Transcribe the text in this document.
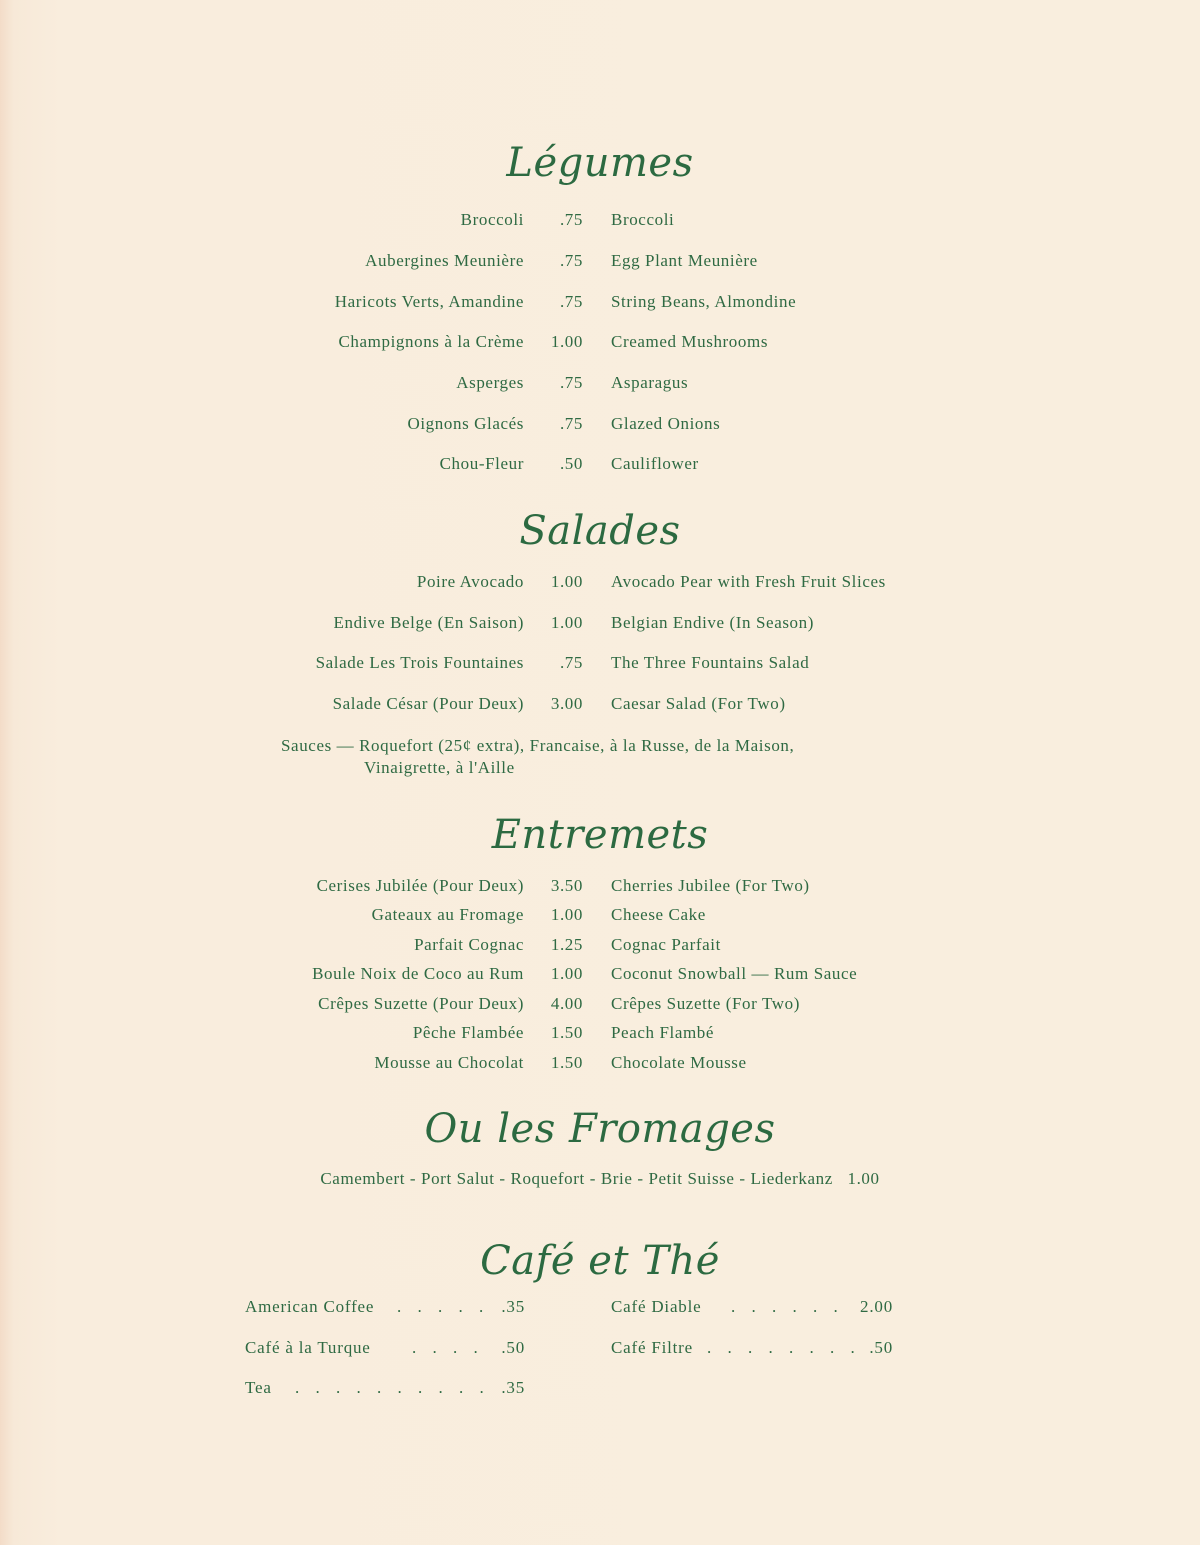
Légumes
Broccoli .75 Broccoli
Aubergines Meunière .75 Egg Plant Meunière
Haricots Verts, Amandine .75 String Beans, Almondine
Champignons à la Crème 1.00 Creamed Mushrooms
Asperges .75 Asparagus
Oignons Glacés .75 Glazed Onions
Chou-Fleur .50 Cauliflower
Salades
Poire Avocado 1.00 Avocado Pear with Fresh Fruit Slices
Endive Belge (En Saison) 1.00 Belgian Endive (In Season)
Salade Les Trois Fountaines .75 The Three Fountains Salad
Salade César (Pour Deux) 3.00 Caesar Salad (For Two)
Sauces — Roquefort (25¢ extra), Francaise, à la Russe, de la Maison,
Vinaigrette, à l'Aille
Entremets
Cerises Jubilée (Pour Deux) 3.50 Cherries Jubilee (For Two)
Gateaux au Fromage 1.00 Cheese Cake
Parfait Cognac 1.25 Cognac Parfait
Boule Noix de Coco au Rum 1.00 Coconut Snowball — Rum Sauce
Crêpes Suzette (Pour Deux) 4.00 Crêpes Suzette (For Two)
Pêche Flambée 1.50 Peach Flambé
Mousse au Chocolat 1.50 Chocolate Mousse
Ou les Fromages
Camembert - Port Salut - Roquefort - Brie - Petit Suisse - Liederkanz   1.00
Café et Thé
American Coffee . . . . . .35
Café à la Turque . . . . .50
Tea . . . . . . . . . . .35
Café Diable . . . . . . 2.00
Café Filtre . . . . . . . . .50
